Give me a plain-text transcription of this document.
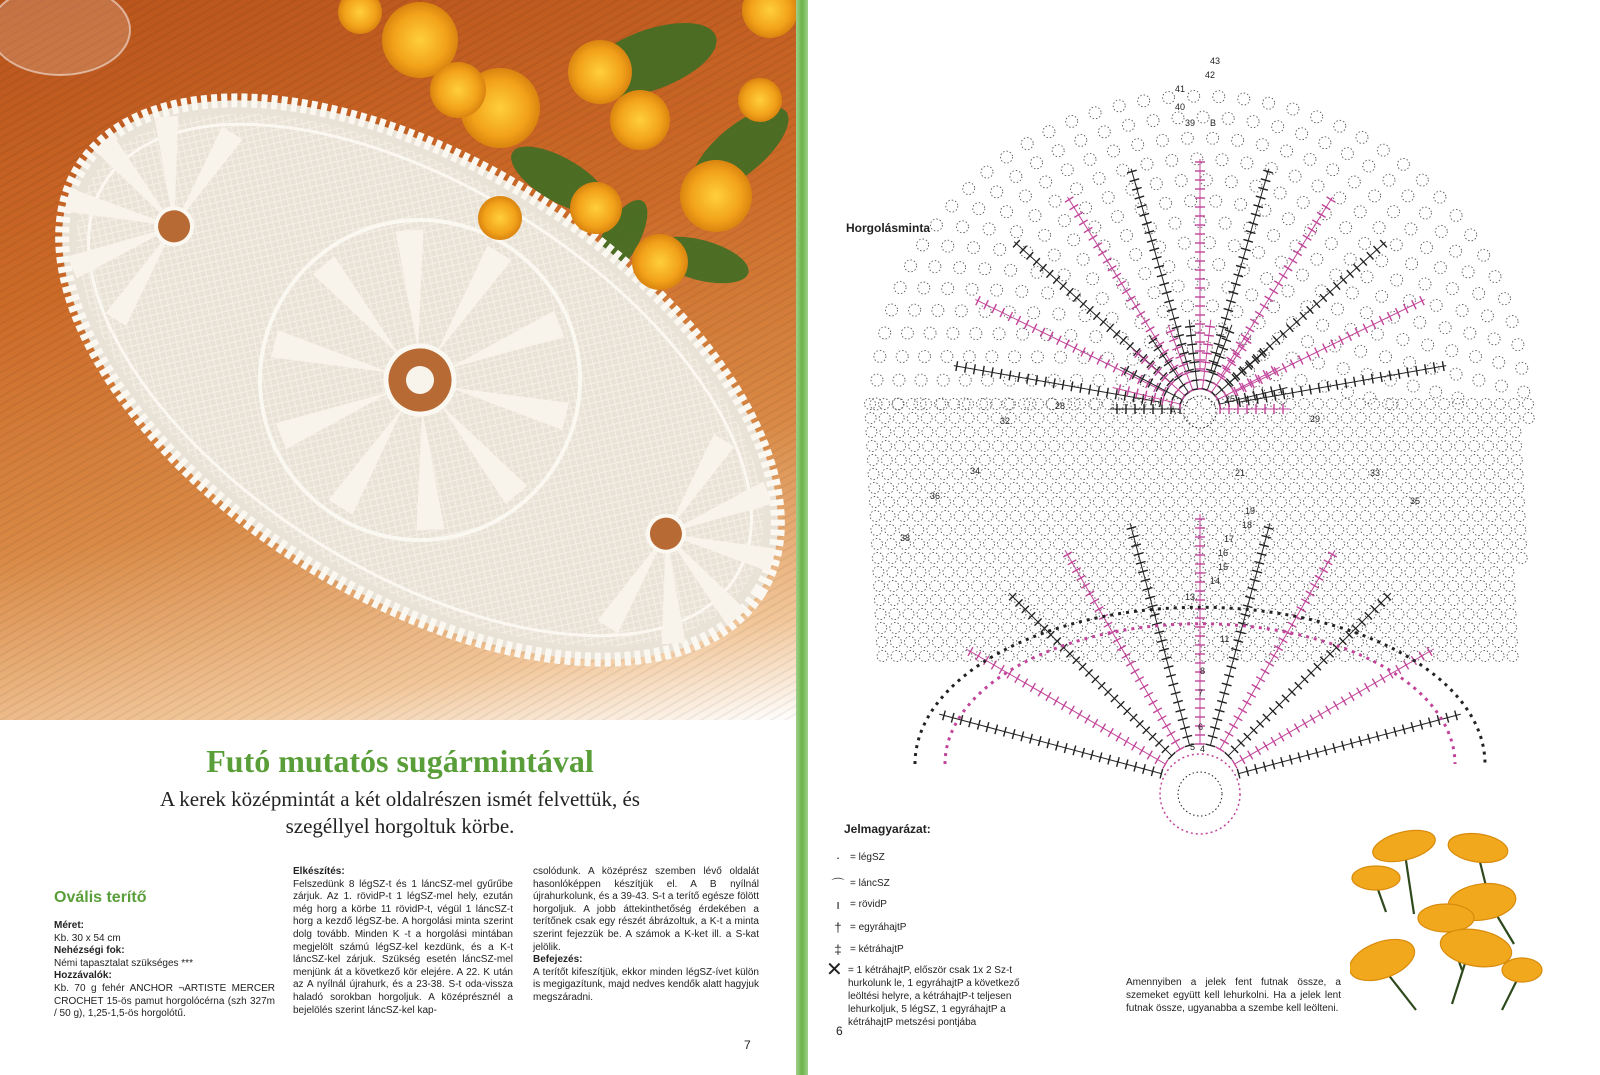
Futó mutatós sugármintával

A kerek középmintát a két oldalrészen ismét felvettük, és szegéllyel horgoltuk körbe.

Ovális terítő

Méret:

Kb. 30 x 54 cm

Nehézségi fok:

Némi tapasztalat szükséges ***

Hozzávalók:

Kb. 70 g fehér ANCHOR ¬ARTISTE MERCER CROCHET 15-ös pamut horgolócérna (szh 327m / 50 g), 1,25-1,5-ös horgolótű.

Elkészítés:

Felszedünk 8 légSZ-t és 1 láncSZ-mel gyűrűbe zárjuk. Az 1. rövidP-t 1 légSZ-mel hely, ezután még horg a körbe 11 rövidP-t, végül 1 láncSZ-t horg a kezdő légSZ-be. A horgolási minta szerint dolg tovább. Minden K -t a horgolási mintában megjelölt számú légSZ-kel kezdünk, és a K-t láncSZ-kel zárjuk. Szükség esetén láncSZ-mel menjünk át a következő kör elejére. A 22. K után az A nyílnál újrahurk, és a 23-38. S-t oda-vissza haladó sorokban horgoljuk. A középrésznél a bejelölés szerint láncSZ-kel kap-

csolódunk. A középrész szemben lévő oldalát hasonlóképpen készítjük el. A B nyílnál újrahurkolunk, és a 39-43. S-t a terítő egésze fölött horgoljuk. A jobb áttekinthetőség érdekében a terítőnek csak egy részét ábrázoltuk, a K-t a minta szerint fejezzük be. A számok a K-ket ill. a S-kat jelölik.

Befejezés:

A terítőt kifeszítjük, ekkor minden légSZ-ívet külön is megigazítunk, majd nedves kendők alatt hagyjuk megszáradni.

7

Horgolásminta

43
42
41
40
39 B
A
25
28
29
32
33
34
35
36
38
21
19
18
17
16
15
14
13
11
8
7
6
5 4

Jelmagyarázat:

· = légSZ
⌒ = láncSZ
ı	= rövidP
† = egyráhajtP
‡ = kétráhajtP
✕ = 1 kétráhajtP, először csak 1x 2 Sz-t hurkolunk le, 1 egyráhajtP a következő leöltési helyre, a kétráhajtP-t teljesen lehurkoljuk, 5 légSZ, 1 egyráhajtP a kétráhajtP metszési pontjába
6
Amennyiben a jelek fent futnak össze, a szemeket együtt kell lehurkolni. Ha a jelek lent futnak össze, ugyanabba a szembe kell leölteni.
